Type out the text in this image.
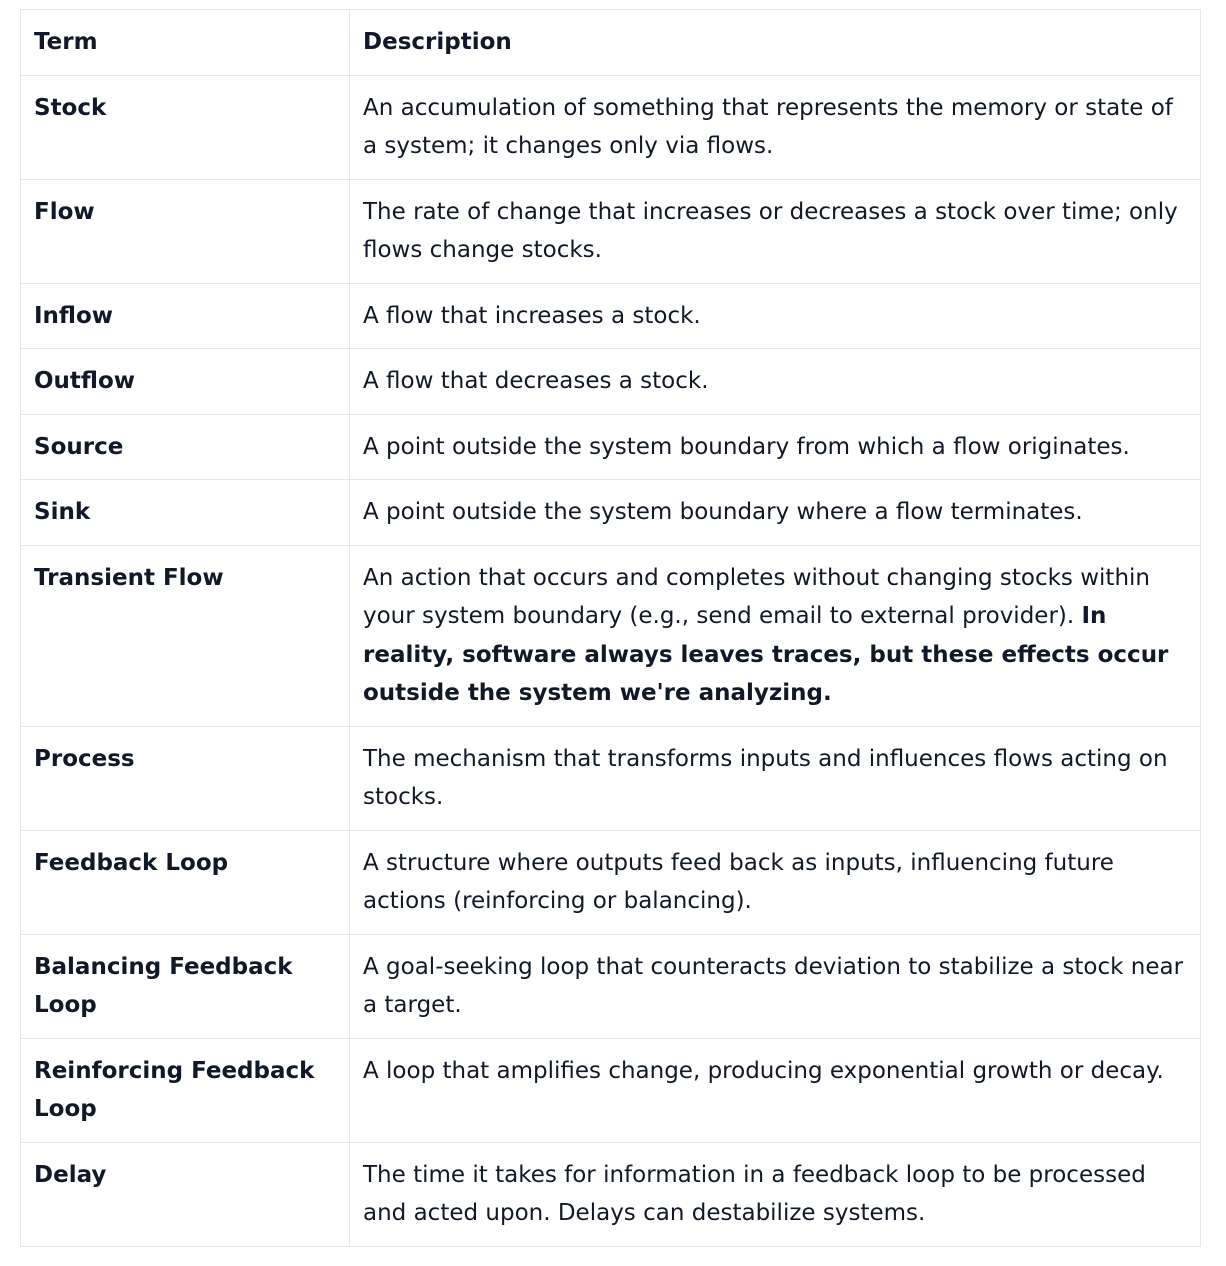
Term	Description
Stock	An accumulation of something that represents the memory or state of a system; it changes only via flows.
Flow	The rate of change that increases or decreases a stock over time; only flows change stocks.
Inflow	A flow that increases a stock.
Outflow	A flow that decreases a stock.
Source	A point outside the system boundary from which a flow originates.
Sink	A point outside the system boundary where a flow terminates.
Transient Flow	An action that occurs and completes without changing stocks within your system boundary (e.g., send email to external provider). In reality, software always leaves traces, but these effects occur outside the system we're analyzing.
Process	The mechanism that transforms inputs and influences flows acting on stocks.
Feedback Loop	A structure where outputs feed back as inputs, influencing future actions (reinforcing or balancing).
Balancing Feedback Loop	A goal-seeking loop that counteracts deviation to stabilize a stock near a target.
Reinforcing Feedback Loop	A loop that amplifies change, producing exponential growth or decay.
Delay	The time it takes for information in a feedback loop to be processed and acted upon. Delays can destabilize systems.
